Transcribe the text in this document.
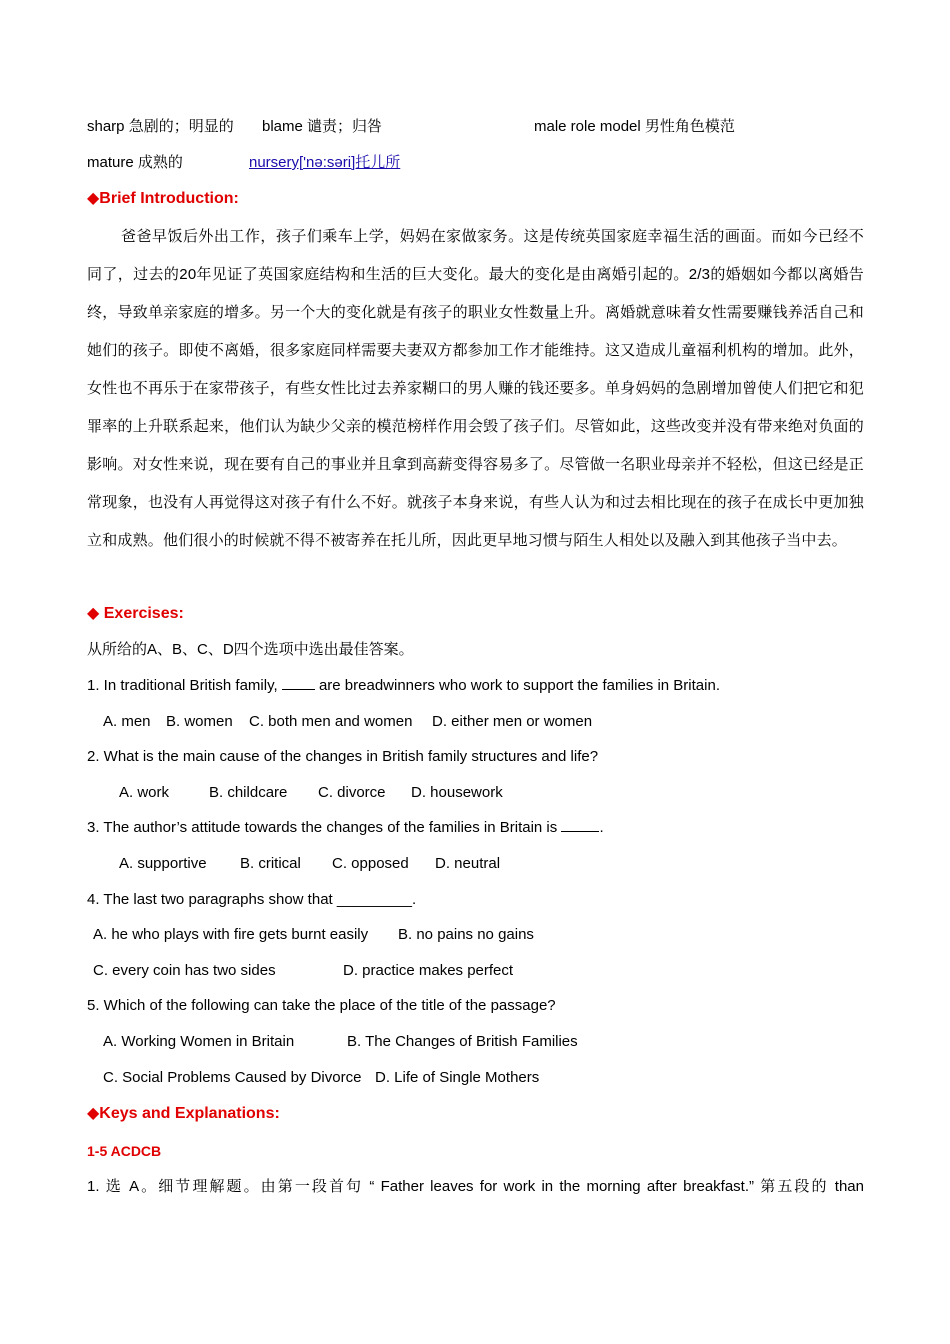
sharp 急剧的；明显的 blame 谴责；归咎	male role model 男性角色模范
mature 成熟的	nursery['nə:səri]托儿所
◆Brief Introduction:
爸爸早饭后外出工作，孩子们乘车上学，妈妈在家做家务。这是传统英国家庭幸福生活的画面。而如今已经不同了，过去的20年见证了英国家庭结构和生活的巨大变化。最大的变化是由离婚引起的。2/3的婚姻如今都以离婚告终，导致单亲家庭的增多。另一个大的变化就是有孩子的职业女性数量上升。离婚就意味着女性需要赚钱养活自己和她们的孩子。即使不离婚，很多家庭同样需要夫妻双方都参加工作才能维持。这又造成儿童福利机构的增加。此外，女性也不再乐于在家带孩子，有些女性比过去养家糊口的男人赚的钱还要多。单身妈妈的急剧增加曾使人们把它和犯罪率的上升联系起来，他们认为缺少父亲的模范榜样作用会毁了孩子们。尽管如此，这些改变并没有带来绝对负面的影响。对女性来说，现在要有自己的事业并且拿到高薪变得容易多了。尽管做一名职业母亲并不轻松，但这已经是正常现象，也没有人再觉得这对孩子有什么不好。就孩子本身来说，有些人认为和过去相比现在的孩子在成长中更加独立和成熟。他们很小的时候就不得不被寄养在托儿所，因此更早地习惯与陌生人相处以及融入到其他孩子当中去。
◆ Exercises:
从所给的A、B、C、D四个选项中选出最佳答案。
1. In traditional British family,  are breadwinners who work to support the families in Britain.
A. men B. women C. both men and women D. either men or women
2. What is the main cause of the changes in British family structures and life?
A. work	B. childcare C. divorce D. housework
3. The author’s attitude towards the changes of the families in Britain is	.
A. supportive B. critical C. opposed D. neutral
4. The last two paragraphs show that _________.
A. he who plays with fire gets burnt easily B. no pains no gains
C. every coin has two sides	D. practice makes perfect
5. Which of the following can take the place of the title of the passage?
A. Working Women in Britain	B. The Changes of British Families
C. Social Problems Caused by Divorce D. Life of Single Mothers
◆Keys and Explanations:
1-5 ACDCB
1. 选 A。细节理解题。由第一段首句 “ Father leaves for work in the morning after breakfast.” 第五段的 than
